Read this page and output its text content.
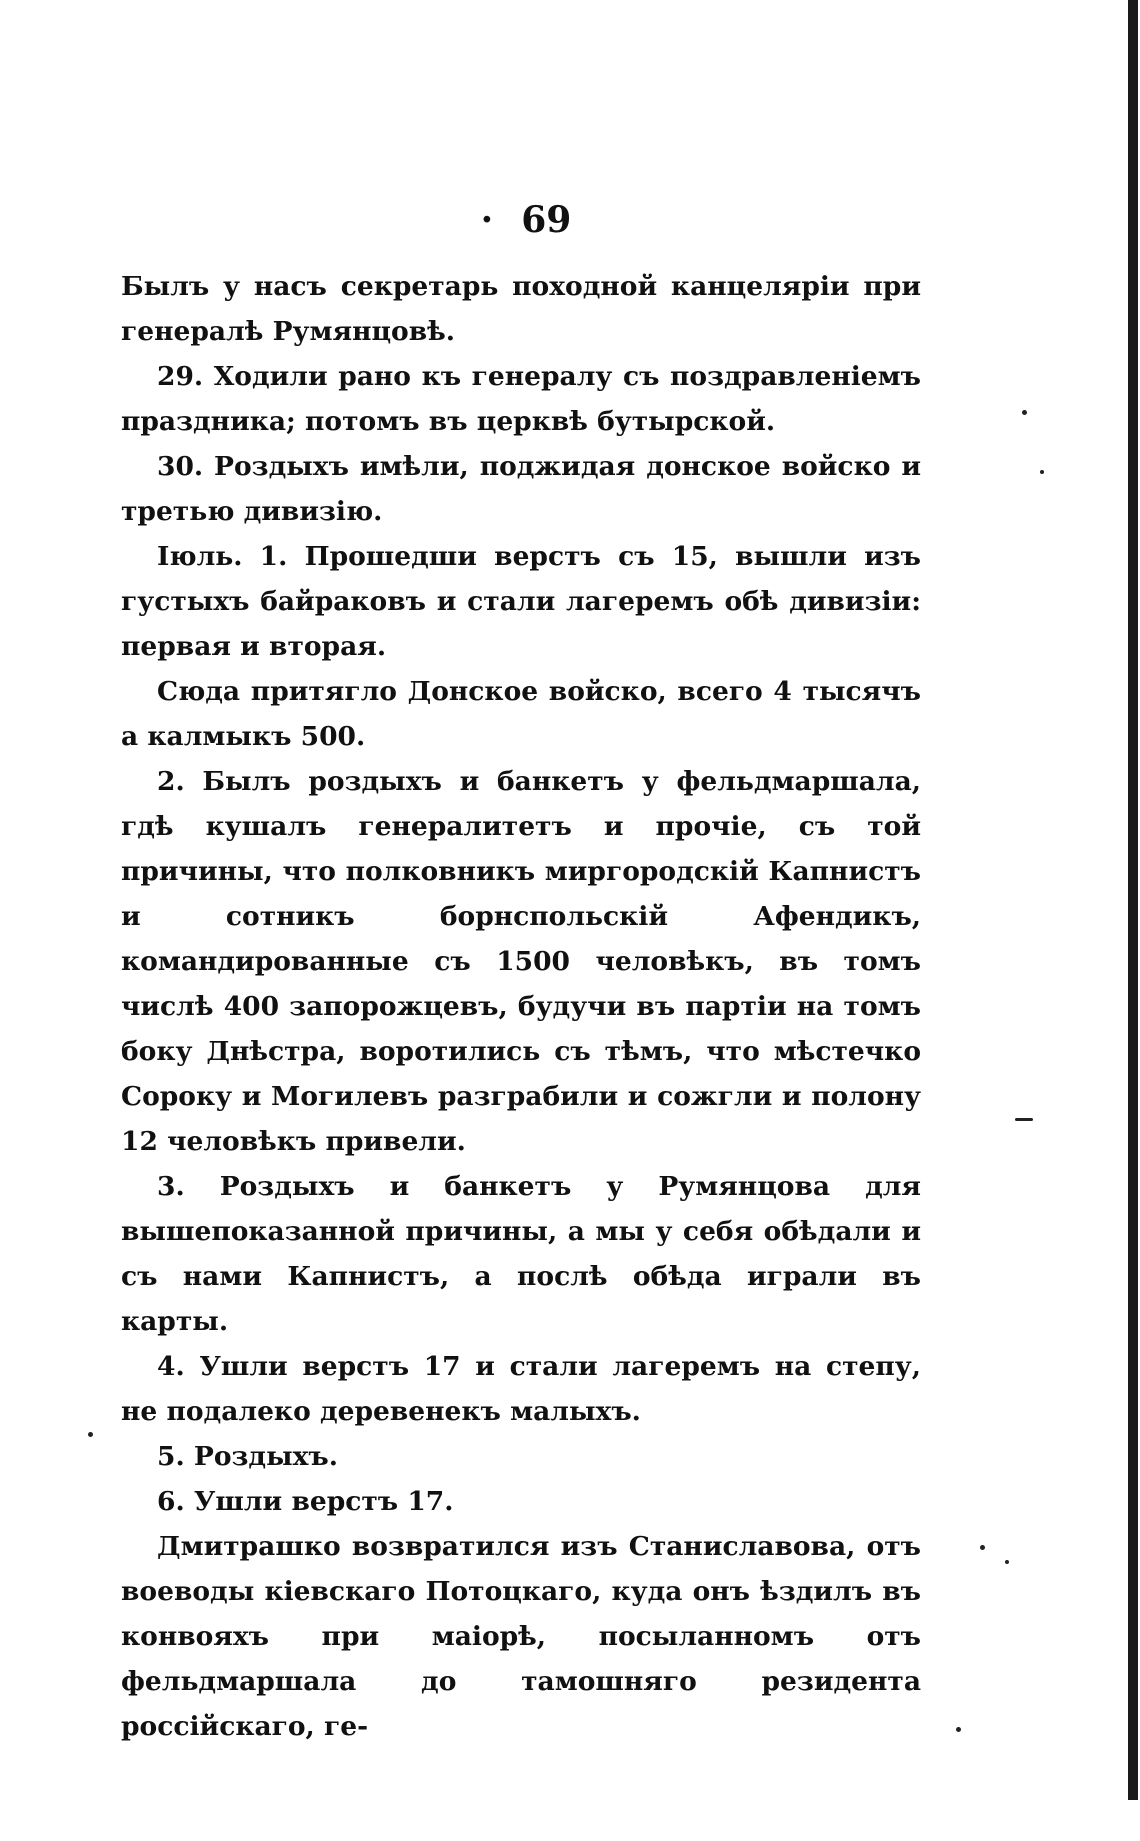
· 69

Былъ у насъ секретарь походной канцеляріи при генералѣ Румянцовѣ.

29. Ходили рано къ генералу съ поздравленіемъ праздника; потомъ въ церквѣ бутырской.

30. Роздыхъ имѣли, поджидая донское войско и третью дивизію.

Іюль. 1. Прошедши верстъ съ 15, вышли изъ густыхъ байраковъ и стали лагеремъ обѣ дивизіи: первая и вторая.

Сюда притягло Донское войско, всего 4 тысячъ а калмыкъ 500.

2. Былъ роздыхъ и банкетъ у фельдмаршала, гдѣ кушалъ генералитетъ и прочіе, съ той причины, что полковникъ миргородскій Капнистъ и сотникъ борнспольскій Афендикъ, командированные съ 1500 человѣкъ, въ томъ числѣ 400 запорожцевъ, будучи въ партіи на томъ боку Днѣстра, воротились съ тѣмъ, что мѣстечко Сороку и Могилевъ разграбили и сожгли и полону 12 человѣкъ привели.

3. Роздыхъ и банкетъ у Румянцова для вышепоказанной причины, а мы у себя обѣдали и съ нами Капнистъ, а послѣ обѣда играли въ карты.

4. Ушли верстъ 17 и стали лагеремъ на степу, не подалеко деревенекъ малыхъ.

5. Роздыхъ.

6. Ушли верстъ 17.

Дмитрашко возвратился изъ Станиславова, отъ воеводы кіевскаго Потоцкаго, куда онъ ѣздилъ въ конвояхъ при маіорѣ, посыланномъ отъ фельдмаршала до тамошняго резидента россійскаго, ге-
